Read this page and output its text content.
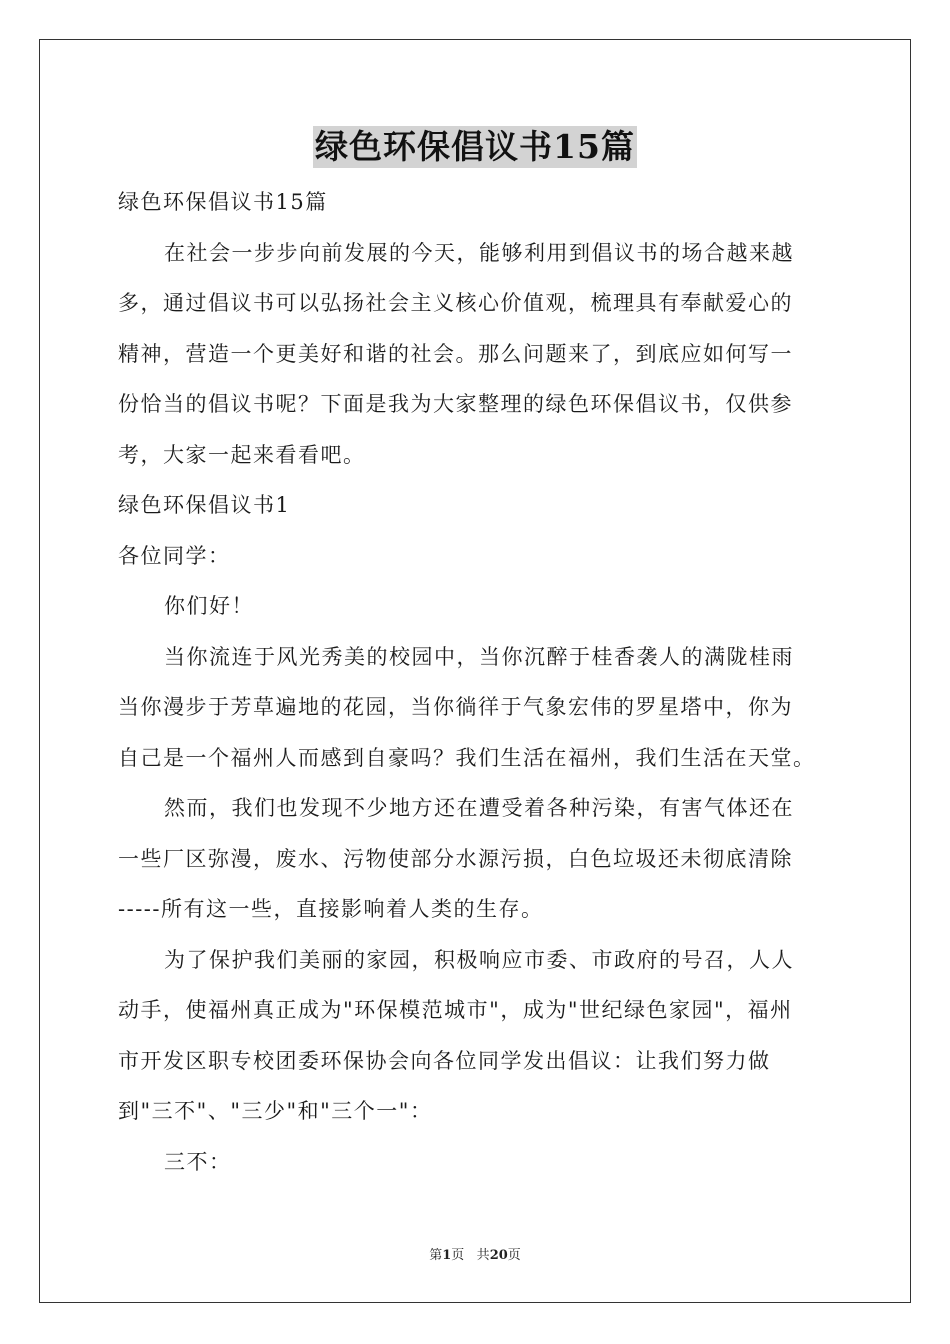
绿色环保倡议书15篇
绿色环保倡议书15篇
在社会一步步向前发展的今天，能够利用到倡议书的场合越来越
多，通过倡议书可以弘扬社会主义核心价值观，梳理具有奉献爱心的
精神，营造一个更美好和谐的社会。那么问题来了，到底应如何写一
份恰当的倡议书呢？下面是我为大家整理的绿色环保倡议书，仅供参
考，大家一起来看看吧。
绿色环保倡议书1
各位同学：
你们好！
当你流连于风光秀美的校园中，当你沉醉于桂香袭人的满陇桂雨
当你漫步于芳草遍地的花园，当你徜徉于气象宏伟的罗星塔中，你为
自己是一个福州人而感到自豪吗？我们生活在福州，我们生活在天堂。
然而，我们也发现不少地方还在遭受着各种污染，有害气体还在
一些厂区弥漫，废水、污物使部分水源污损，白色垃圾还未彻底清除
-----所有这一些，直接影响着人类的生存。
为了保护我们美丽的家园，积极响应市委、市政府的号召，人人
动手，使福州真正成为"环保模范城市"，成为"世纪绿色家园"，福州
市开发区职专校团委环保协会向各位同学发出倡议：让我们努力做
到"三不"、"三少"和"三个一"：
三不：
第1页 共20页
